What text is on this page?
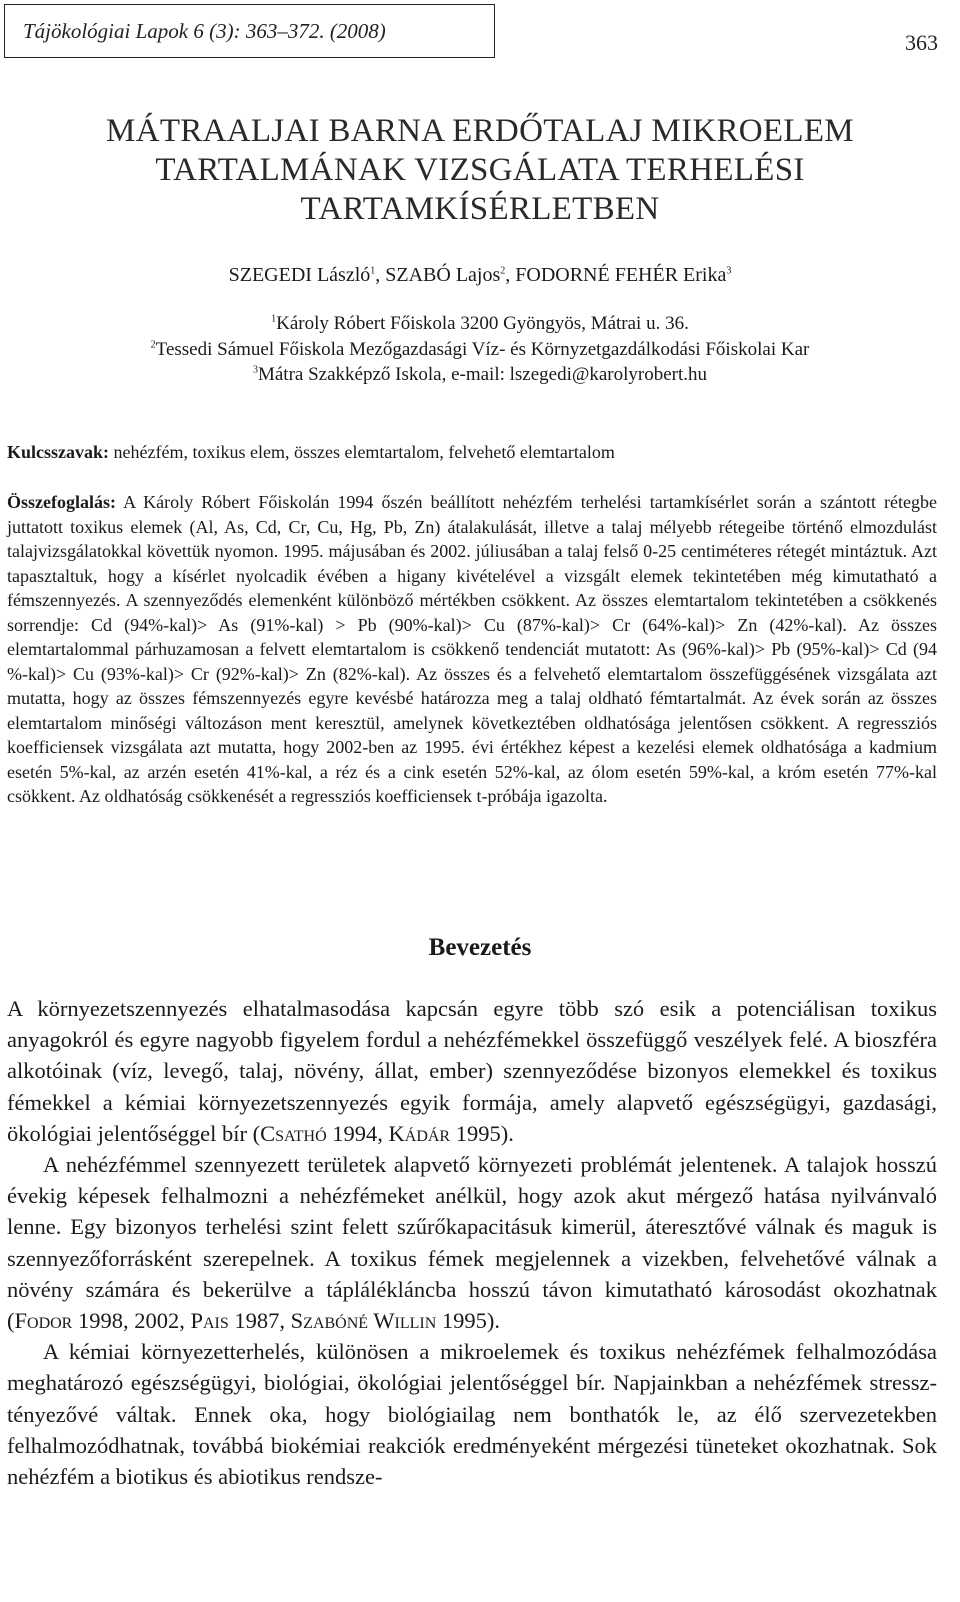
Tájökológiai Lapok 6 (3): 363–372. (2008)	363
MÁTRAALJAI BARNA ERDŐTALAJ MIKROELEM
TARTALMÁNAK VIZSGÁLATA TERHELÉSI
TARTAMKÍSÉRLETBEN
SZEGEDI László$^1$, SZABÓ Lajos$^2$, FODORNÉ FEHÉR Erika$^3$
$^1$Károly Róbert Főiskola 3200 Gyöngyös, Mátrai u. 36.
$^2$Tessedi Sámuel Főiskola Mezőgazdasági Víz- és Környzetgazdálkodási Főiskolai Kar
$^3$Mátra Szakképző Iskola, e-mail: lszegedi@karolyrobert.hu
Kulcsszavak: nehézfém, toxikus elem, összes elemtartalom, felvehető elemtartalom
Összefoglalás: A Károly Róbert Főiskolán 1994 őszén beállított nehézfém terhelési tartamkísérlet során a szántott rétegbe juttatott toxikus elemek (Al, As, Cd, Cr, Cu, Hg, Pb, Zn) átalakulását, illetve a talaj mélyebb rétegeibe történő elmozdulást talajvizsgálatokkal követtük nyomon. 1995. májusában és 2002. júliusában a talaj felső 0-25 centiméteres rétegét mintáztuk. Azt tapasztaltuk, hogy a kísérlet nyolcadik évében a higany kivételével a vizsgált elemek tekintetében még kimutatható a fémszennyezés. A szennyeződés elemenként különböző mértékben csökkent. Az összes elemtartalom tekintetében a csökkenés sorrendje: Cd (94%-kal)> As (91%-kal) > Pb (90%-kal)> Cu (87%-kal)> Cr (64%-kal)> Zn (42%-kal). Az összes elemtartalommal párhuzamosan a felvett elemtartalom is csökkenő tendenciát mutatott: As (96%-kal)> Pb (95%-kal)> Cd (94 %-kal)> Cu (93%-kal)> Cr (92%-kal)> Zn (82%-kal). Az összes és a felvehető elemtartalom összefüggésének vizsgálata azt mutatta, hogy az összes fémszennyezés egyre kevésbé határozza meg a talaj oldható fémtartalmát. Az évek során az összes elemtartalom minőségi változáson ment keresztül, amelynek következtében oldhatósága jelentősen csökkent. A regressziós koefficiensek vizsgálata azt mutatta, hogy 2002-ben az 1995. évi értékhez képest a kezelési elemek oldhatósága a kadmium esetén 5%-kal, az arzén esetén 41%-kal, a réz és a cink esetén 52%-kal, az ólom esetén 59%-kal, a króm esetén 77%-kal csökkent. Az oldhatóság csökkenését a regressziós koefficiensek t-próbája igazolta.
Bevezetés

A környezetszennyezés elhatalmasodása kapcsán egyre több szó esik a potenciálisan toxikus anyagokról és egyre nagyobb figyelem fordul a nehézfémekkel összefüggő veszélyek felé. A bioszféra alkotóinak (víz, levegő, talaj, növény, állat, ember) szennyeződése bizonyos elemekkel és toxikus fémekkel a kémiai környezetszennyezés egyik formája, amely alapvető egészségügyi, gazdasági, ökológiai jelentőséggel bír (Csathó 1994, Kádár 1995).

A nehézfémmel szennyezett területek alapvető környezeti problémát jelentenek. A talajok hosszú évekig képesek felhalmozni a nehézfémeket anélkül, hogy azok akut mérgező hatása nyilvánvaló lenne. Egy bizonyos terhelési szint felett szűrőkapacitásuk kimerül, áteresztővé válnak és maguk is szennyezőforrásként szerepelnek. A toxikus fémek megjelennek a vizekben, felvehetővé válnak a növény számára és bekerülve a táplálékláncba hosszú távon kimutatható károsodást okozhatnak (Fodor 1998, 2002, Pais 1987, Szabóné Willin 1995).

A kémiai környezetterhelés, különösen a mikroelemek és toxikus nehézfémek felhalmozódása meghatározó egészségügyi, biológiai, ökológiai jelentőséggel bír. Napjainkban a nehézfémek stressz-tényezővé váltak. Ennek oka, hogy biológiailag nem bonthatók le, az élő szervezetekben felhalmozódhatnak, továbbá biokémiai reakciók eredményeként mérgezési tüneteket okozhatnak. Sok nehézfém a biotikus és abiotikus rendsze-
